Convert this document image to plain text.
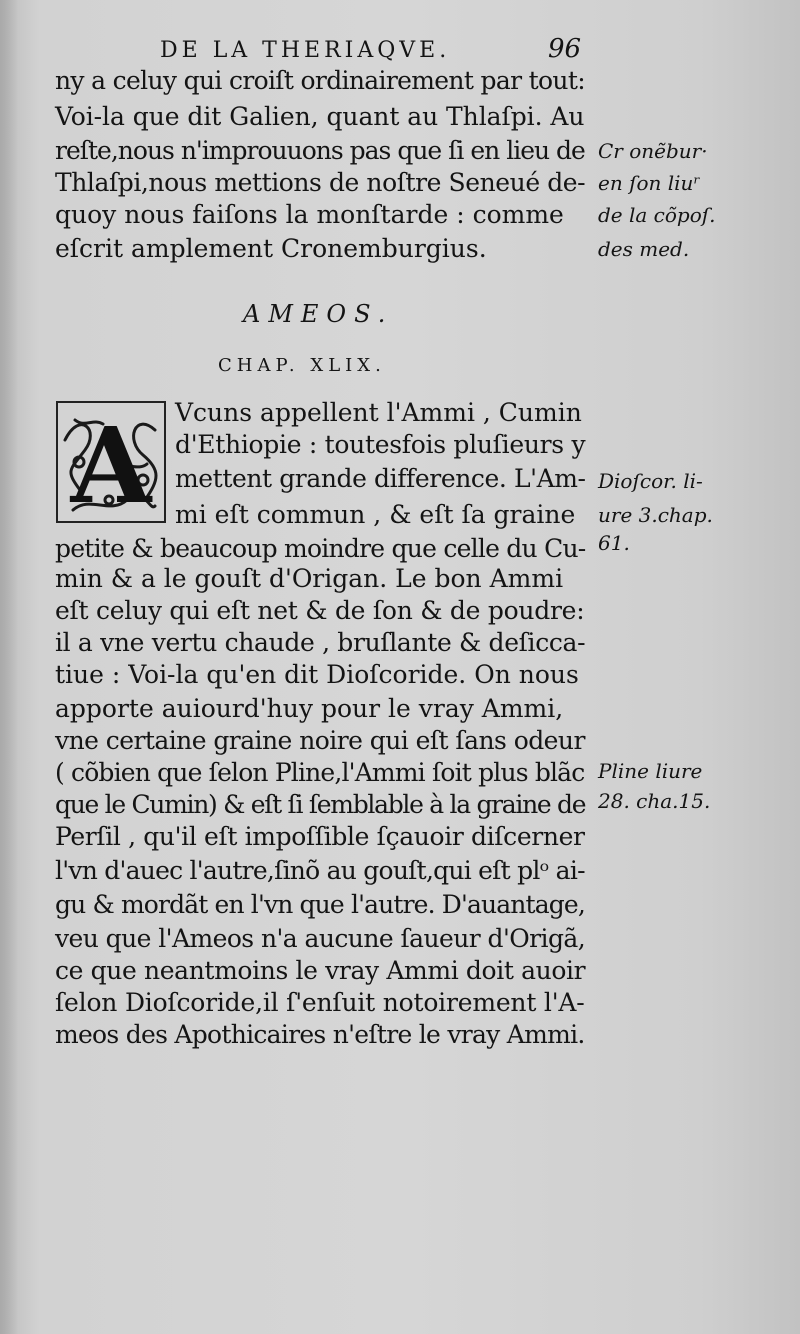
DE LA THERIAQVE.	96
ny a celuy qui croiſt ordinairement par tout:
Voi-la que dit Galien, quant au Thlaſpi. Au
reſte,nous n'improuuons pas que ſi en lieu de
Thlaſpi,nous mettions de noſtre Seneué de-
quoy nous faiſons la monſtarde : comme
eſcrit amplement Cronemburgius.
Cr onẽbur·
en ſon liuʳ
de la cõpoſ.
des med.
AMEOS.
CHAP. XLIX.
A Vcuns appellent l'Ammi , Cumin
d'Ethiopie : toutesfois pluſieurs y
mettent grande difference. L'Am-
mi eſt commun , & eſt ſa graine
Dioſcor. li-
ure 3.chap.
61.
petite & beaucoup moindre que celle du Cu-
min & a le gouſt d'Origan. Le bon Ammi
eſt celuy qui eſt net & de ſon & de poudre:
il a vne vertu chaude , bruſlante & deſicca-
tiue : Voi-la qu'en dit Dioſcoride. On nous
apporte auiourd'huy pour le vray Ammi,
vne certaine graine noire qui eſt ſans odeur
( cõbien que ſelon Pline,l'Ammi ſoit plus blãc
que le Cumin) & eſt ſi ſemblable à la graine de
Perſil , qu'il eſt impoſſible ſçauoir diſcerner
l'vn d'auec l'autre,ſinõ au gouſt,qui eſt plᵒ ai-
gu & mordãt en l'vn que l'autre. D'auantage,
veu que l'Ameos n'a aucune ſaueur d'Origã,
ce que neantmoins le vray Ammi doit auoir
ſelon Dioſcoride,il ſ'enſuit notoirement l'A-
meos des Apothicaires n'eſtre le vray Ammi.
Pline liure
28. cha.15.
